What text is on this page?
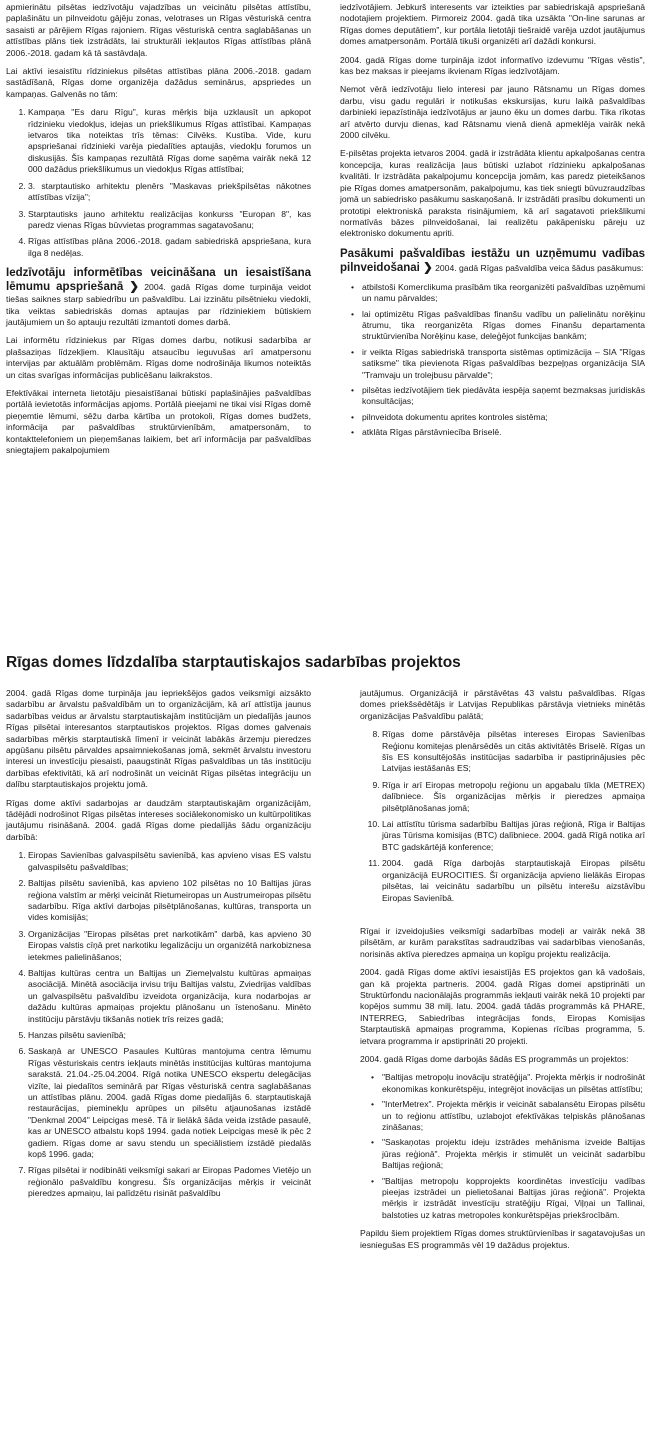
apmierinātu pilsētas iedzīvotāju vajadzības un veicinātu pilsētas attīstību, paplašinātu un pilnveidotu gājēju zonas, velotrases un Rīgas vēsturiskā centra sasaisti ar pārējiem Rīgas rajoniem. Rīgas vēsturiskā centra saglabāšanas un attīstības plāns tiek izstrādāts, lai strukturāli iekļautos Rīgas attīstības plānā 2006.-2018. gadam kā tā sastāvdaļa.

Lai aktīvi iesaistītu rīdziniekus pilsētas attīstības plāna 2006.-2018. gadam sastādīšanā, Rīgas dome organizēja dažādus seminārus, apspriedes un kampaņas. Galvenās no tām:

1. Kampaņa "Es daru Rīgu", kuras mērķis bija uzklausīt un apkopot rīdzinieku viedokļus, idejas un priekšlikumus Rīgas attīstībai. Kampaņas ietvaros tika noteiktas trīs tēmas: Cilvēks. Kustība. Vide, kuru apspriešanai rīdzinieki varēja piedalīties aptaujās, viedokļu forumos un diskusijās. Šīs kampaņas rezultātā Rīgas dome saņēma vairāk nekā 12 000 dažādus priekšlikumus un viedokļus Rīgas attīstībai;
2. 3. starptautisko arhitektu plenērs "Maskavas priekšpilsētas nākotnes attīstības vīzija";
3. Starptautisks jauno arhitektu realizācijas konkurss "Europan 8", kas paredz vienas Rīgas būvvietas programmas sagatavošanu;
4. Rīgas attīstības plāna 2006.-2018. gadam sabiedriskā apspriešana, kura ilga 8 nedēļas.

Iedzīvotāju informētības veicināšana un iesaistīšana lēmumu apspriešanā ❯ 2004. gadā Rīgas dome turpināja veidot tiešas saiknes starp sabiedrību un pašvaldību. Lai izzinātu pilsētnieku viedokli, tika veiktas sabiedriskās domas aptaujas par rīdziniekiem būtiskiem jautājumiem un šo aptauju rezultāti izmantoti domes darbā.

Lai informētu rīdziniekus par Rīgas domes darbu, notikusi sadarbība ar plašsaziņas līdzekļiem. Klausītāju atsaucību ieguvušas arī amatpersonu intervijas par aktuālām problēmām. Rīgas dome nodrošināja likumos noteiktās un citas svarīgas informācijas publicēšanu laikrakstos.

Efektīvākai interneta lietotāju piesaistīšanai būtiski paplašinājies pašvaldības portālā ievietotās informācijas apjoms. Portālā pieejami ne tikai visi Rīgas domē pieņemtie lēmumi, sēžu darba kārtība un protokoli, Rīgas domes budžets, informācija par pašvaldības struktūrvienībām, amatpersonām, to kontakttelefoniem un pieņemšanas laikiem, bet arī informācija par pašvaldības sniegtajiem pakalpojumiem

iedzīvotājiem. Jebkurš interesents var izteikties par sabiedriskajā apspriešanā nodotajiem projektiem. Pirmoreiz 2004. gadā tika uzsākta "On-line sarunas ar Rīgas domes deputātiem", kur portāla lietotāji tiešraidē varēja uzdot jautājumus domes amatpersonām. Portālā tikuši organizēti arī dažādi konkursi.

2004. gadā Rīgas dome turpināja izdot informatīvo izdevumu "Rīgas vēstis", kas bez maksas ir pieejams ikvienam Rīgas iedzīvotājam.

Nemot vērā iedzīvotāju lielo interesi par jauno Rātsnamu un Rīgas domes darbu, visu gadu regulāri ir notikušas ekskursijas, kuru laikā pašvaldības darbinieki iepazīstināja iedzīvotājus ar jauno ēku un domes darbu. Tika rīkotas arī atvērto durvju dienas, kad Rātsnamu vienā dienā apmeklēja vairāk nekā 2000 cilvēku.

E-pilsētas projekta ietvaros 2004. gadā ir izstrādāta klientu apkalpošanas centra koncepcija, kuras realizācija ļaus būtiski uzlabot rīdzinieku apkalpošanas kvalitāti. Ir izstrādāta pakalpojumu koncepcija jomām, kas paredz pieteikšanos pie Rīgas domes amatpersonām, pakalpojumu, kas tiek sniegti būvuzraudzības jomā un sabiedrisko pasākumu saskaņošanā. Ir izstrādāti prasību dokumenti un prototipi elektroniskā paraksta risinājumiem, kā arī sagatavoti priekšlikumi normatīvās bāzes pilnveidošanai, lai realizētu pakāpenisku pāreju uz elektronisko dokumentu apriti.

Pasākumi pašvaldības iestāžu un uzņēmumu vadības pilnveidošanai ❯ 2004. gadā Rīgas pašvaldība veica šādus pasākumus:

• atbilstoši Komerclikuma prasībām tika reorganizēti pašvaldības uzņēmumi un namu pārvaldes;
• lai optimizētu Rīgas pašvaldības finanšu vadību un palielinātu norēķinu ātrumu, tika reorganizēta Rīgas domes Finanšu departamenta struktūrvienība Norēķinu kase, deleģējot funkcijas bankām;
• ir veikta Rīgas sabiedriskā transporta sistēmas optimizācija – SIA "Rīgas satiksme" tika pievienota Rīgas pašvaldības bezpeļņas organizācija SIA "Tramvaju un trolejbusu pārvalde";
• pilsētas iedzīvotājiem tiek piedāvāta iespēja saņemt bezmaksas juridiskās konsultācijas;
• pilnveidota dokumentu aprites kontroles sistēma;
• atklāta Rīgas pārstāvniecība Briselē.
Rīgas domes līdzdalība starptautiskajos sadarbības projektos

2004. gadā Rīgas dome turpināja jau iepriekšējos gados veiksmīgi aizsākto sadarbību ar ārvalstu pašvaldībām un to organizācijām, kā arī attīstīja jaunus sadarbības veidus ar ārvalstu starptautiskajām institūcijām un piedalījās jaunos Rīgas pilsētai interesantos starptautiskos projektos. Rīgas domes galvenais sadarbības mērķis starptautiskā līmenī ir veicināt labākās ārzemju pieredzes apgūšanu pilsētu pārvaldes apsaimniekošanas jomā, sekmēt ārvalstu investoru interesi un investīciju piesaisti, paaugstināt Rīgas pašvaldības un tās institūciju darbības efektivitāti, kā arī nodrošināt un veicināt Rīgas pilsētas integrāciju un dalību starptautiskajos projektu jomā.

Rīgas dome aktīvi sadarbojas ar daudzām starptautiskajām organizācijām, tādējādi nodrošinot Rīgas pilsētas intereses sociālekonomisko un kultūrpolitikas jautājumu risināšanā. 2004. gadā Rīgas dome piedalījās šādu organizāciju darbībā:

1. Eiropas Savienības galvaspilsētu savienībā, kas apvieno visas ES valstu galvaspilsētu pašvaldības;
2. Baltijas pilsētu savienībā, kas apvieno 102 pilsētas no 10 Baltijas jūras reģiona valstīm ar mērķi veicināt Rietumeiropas un Austrumeiropas pilsētu sadarbību. Rīga aktīvi darbojas pilsētplānošanas, kultūras, transporta un vides komisijās;
3. Organizācijas "Eiropas pilsētas pret narkotikām" darbā, kas apvieno 30 Eiropas valstis cīņā pret narkotiku legalizāciju un organizētā narkobiznesa ietekmes palielināšanos;
4. Baltijas kultūras centra un Baltijas un Ziemeļvalstu kultūras apmaiņas asociācijā. Minētā asociācija irvisu triju Baltijas valstu, Zviedrijas valdības un galvaspilsētu pašvaldību izveidota organizācija, kura nodarbojas ar dažādu kultūras apmaiņas projektu plānošanu un īstenošanu. Minēto institūciju pārstāvju tikšanās notiek trīs reizes gadā;
5. Hanzas pilsētu savienībā;
6. Saskaņā ar UNESCO Pasaules Kultūras mantojuma centra lēmumu Rīgas vēsturiskais centrs iekļauts minētās institūcijas kultūras mantojuma sarakstā. 21.04.-25.04.2004. Rīgā notika UNESCO ekspertu delegācijas vizīte, lai piedalītos seminārā par Rīgas vēsturiskā centra saglabāšanas un attīstības plānu. 2004. gadā Rīgas dome piedalījās 6. starptautiskajā restaurācijas, pieminekļu aprūpes un pilsētu atjaunošanas izstādē "Denkmal 2004" Leipcigas mesē. Tā ir lielākā šāda veida izstāde pasaulē, kas ar UNESCO atbalstu kopš 1994. gada notiek Leipcigas mesē ik pēc 2 gadiem. Rīgas dome ar savu stendu un speciālistiem izstādē piedalās kopš 1996. gada;
7. Rīgas pilsētai ir nodibināti veiksmīgi sakari ar Eiropas Padomes Vietējo un reģionālo pašvaldību kongresu. Šīs organizācijas mērķis ir veicināt pieredzes apmaiņu, lai palīdzētu risināt pašvaldību

jautājumus. Organizācijā ir pārstāvētas 43 valstu pašvaldības. Rīgas domes priekšsēdētājs ir Latvijas Republikas pārstāvja vietnieks minētās organizācijas Pašvaldību palātā;

8. Rīgas dome pārstāvēja pilsētas intereses Eiropas Savienības Reģionu komitejas plenārsēdēs un citās aktivitātēs Briselē. Rīgas un šīs ES konsultējošās institūcijas sadarbība ir pastiprinājusies pēc Latvijas iestāšanās ES;
9. Rīga ir arī Eiropas metropoļu reģionu un apgabalu tīkla (METREX) dalībniece. Šīs organizācijas mērķis ir pieredzes apmaiņa pilsētplānošanas jomā;
10. Lai attīstītu tūrisma sadarbību Baltijas jūras reģionā, Rīga ir Baltijas jūras Tūrisma komisijas (BTC) dalībniece. 2004. gadā Rīgā notika arī BTC gadskārtējā konference;
11. 2004. gadā Rīga darbojās starptautiskajā Eiropas pilsētu organizācijā EUROCITIES. Šī organizācija apvieno lielākās Eiropas pilsētas, lai veicinātu sadarbību un pilsētu interešu aizstāvību Eiropas Savienībā.

Rīgai ir izveidojušies veiksmīgi sadarbības modeļi ar vairāk nekā 38 pilsētām, ar kurām parakstītas sadraudzības vai sadarbības vienošanās, norisinās aktīva pieredzes apmaiņa un kopīgu projektu realizācija.

2004. gadā Rīgas dome aktīvi iesaistījās ES projektos gan kā vadošais, gan kā projekta partneris. 2004. gadā Rīgas domei apstiprināti un Struktūrfondu nacionālajās programmās iekļauti vairāk nekā 10 projekti par kopējos summu 38 milj. latu. 2004. gadā tādās programmās kā PHARE, INTERREG, Sabiedrības integrācijas fonds, Eiropas Komisijas Starptautiskā apmaiņas programma, Kopienas rīcības programma, 5. ietvara programma ir apstiprināti 20 projekti.

2004. gadā Rīgas dome darbojās šādās ES programmās un projektos:

• "Baltijas metropoļu inovāciju stratēģija". Projekta mērķis ir nodrošināt ekonomikas konkurētspēju, integrējot inovācijas un pilsētas attīstību;
• "InterMetrex". Projekta mērķis ir veicināt sabalansētu Eiropas pilsētu un to reģionu attīstību, uzlabojot efektīvākas telpiskās plānošanas zināšanas;
• "Saskaņotas projektu ideju izstrādes mehānisma izveide Baltijas jūras reģionā". Projekta mērķis ir stimulēt un veicināt sadarbību Baltijas reģionā;
• "Baltijas metropoļu kopprojekts koordinētas investīciju vadības pieejas izstrādei un pielietošanai Baltijas jūras reģionā". Projekta mērķis ir izstrādāt investīciju stratēģiju Rīgai, Viļņai un Tallinai, balstoties uz katras metropoles konkurētspējas priekšrocībām.

Papildu šiem projektiem Rīgas domes struktūrvienības ir sagatavojušas un iesniegušas ES programmās vēl 19 dažādus projektus.
